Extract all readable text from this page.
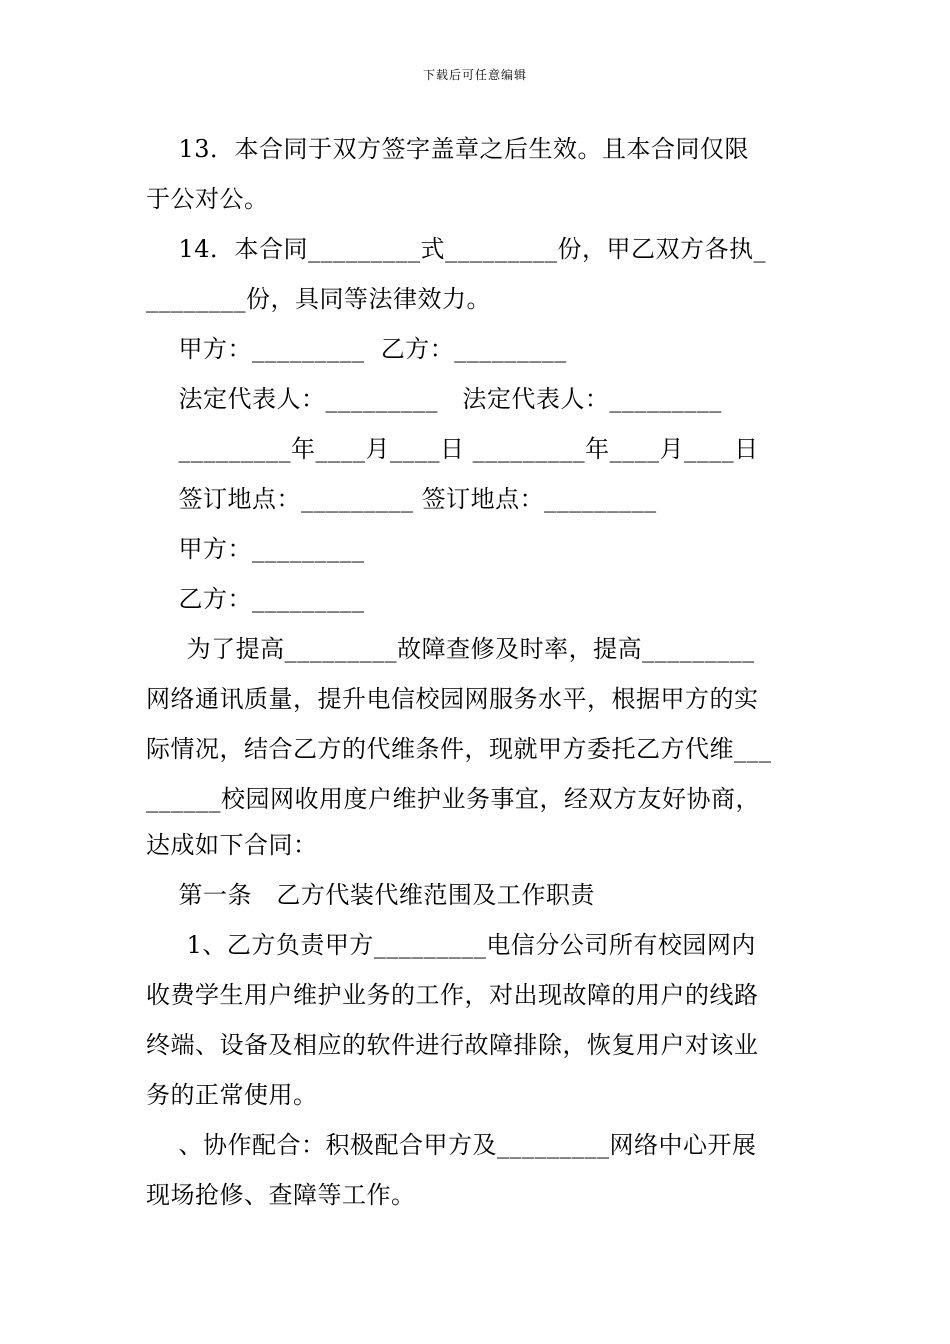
下载后可任意编辑
13．本合同于双方签字盖章之后生效。且本合同仅限
于公对公。
14．本合同_________式_________份，甲乙双方各执_
________份，具同等法律效力。
甲方：_________  乙方：_________
法定代表人：_________   法定代表人：_________
_________年____月____日 _________年____月____日
签订地点：_________ 签订地点：_________
甲方：_________
乙方：_________
为了提高_________故障查修及时率，提高_________
网络通讯质量，提升电信校园网服务水平，根据甲方的实
际情况，结合乙方的代维条件，现就甲方委托乙方代维___
______校园网收用度户维护业务事宜，经双方友好协商，
达成如下合同：
第一条   乙方代装代维范围及工作职责
1、乙方负责甲方_________电信分公司所有校园网内
收费学生用户维护业务的工作，对出现故障的用户的线路
终端、设备及相应的软件进行故障排除，恢复用户对该业
务的正常使用。
、协作配合：积极配合甲方及_________网络中心开展
现场抢修、查障等工作。
